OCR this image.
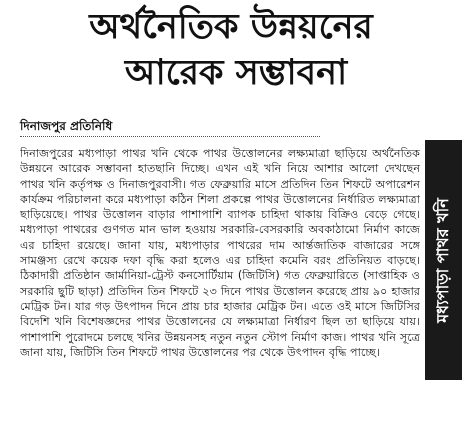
অর্থনৈতিক উন্নয়নের
আরেক সম্ভাবনা
দিনাজপুর প্রতিনিধি

দিনাজপুরের মধ্যপাড়া পাথর খনি থেকে পাথর উত্তোলনের লক্ষ্যমাত্রা ছাড়িয়ে অর্থনৈতিক উন্নয়নে আরেক সম্ভাবনা হাতছানি দিচ্ছে। এখন এই খনি নিয়ে আশার আলো দেখছেন পাথর খনি কর্তৃপক্ষ ও দিনাজপুরবাসী। গত ফেব্রুয়ারি মাসে প্রতিদিন তিন শিফটে অপারেশন কার্যক্রম পরিচালনা করে মধ্যপাড়া কঠিন শিলা প্রকল্পে পাথর উত্তোলনের নির্ধারিত লক্ষ্যমাত্রা ছাড়িয়েছে। পাথর উত্তোলন বাড়ার পাশাপাশি ব্যাপক চাহিদা থাকায় বিক্রিও বেড়ে গেছে। মধ্যপাড়া পাথরের গুণগত মান ভাল হওয়ায় সরকারি-বেসরকারি অবকাঠামো নির্মাণ কাজে এর চাহিদা রয়েছে। জানা যায়, মধ্যপাড়ার পাথরের দাম আর্ন্তজাতিক বাজারের সঙ্গে সামঞ্জস্য রেখে কয়েক দফা বৃদ্ধি করা হলেও এর চাহিদা কমেনি বরং প্রতিনিয়ত বাড়ছে। ঠিকাদারী প্রতিষ্ঠান জার্মানিয়া-ট্রেস্ট কনসোর্টিয়াম (জিটিসি) গত ফেব্রুয়ারিতে (সাপ্তাহিক ও সরকারি ছুটি ছাড়া) প্রতিদিন তিন শিফটে ২৩ দিনে পাথর উত্তোলন করেছে প্রায় ৯০ হাজার মেট্রিক টন। যার গড় উৎপাদন দিনে প্রায় চার হাজার মেট্রিক টন। এতে ওই মাসে জিটিসির বিদেশি খনি বিশেষজ্ঞদের পাথর উত্তোলনের যে লক্ষ্যমাত্রা নির্ধারণ ছিল তা ছাড়িয়ে যায়। পাশাপাশি পুরোদমে চলছে খনির উন্নয়নসহ নতুন নতুন স্টোপ নির্মাণ কাজ। পাথর খনি সূত্রে জানা যায়, জিটিসি তিন শিফটে পাথর উত্তোলনের পর থেকে উৎপাদন বৃদ্ধি পাচ্ছে।

মধ্যপাড়া পাথর খনি
